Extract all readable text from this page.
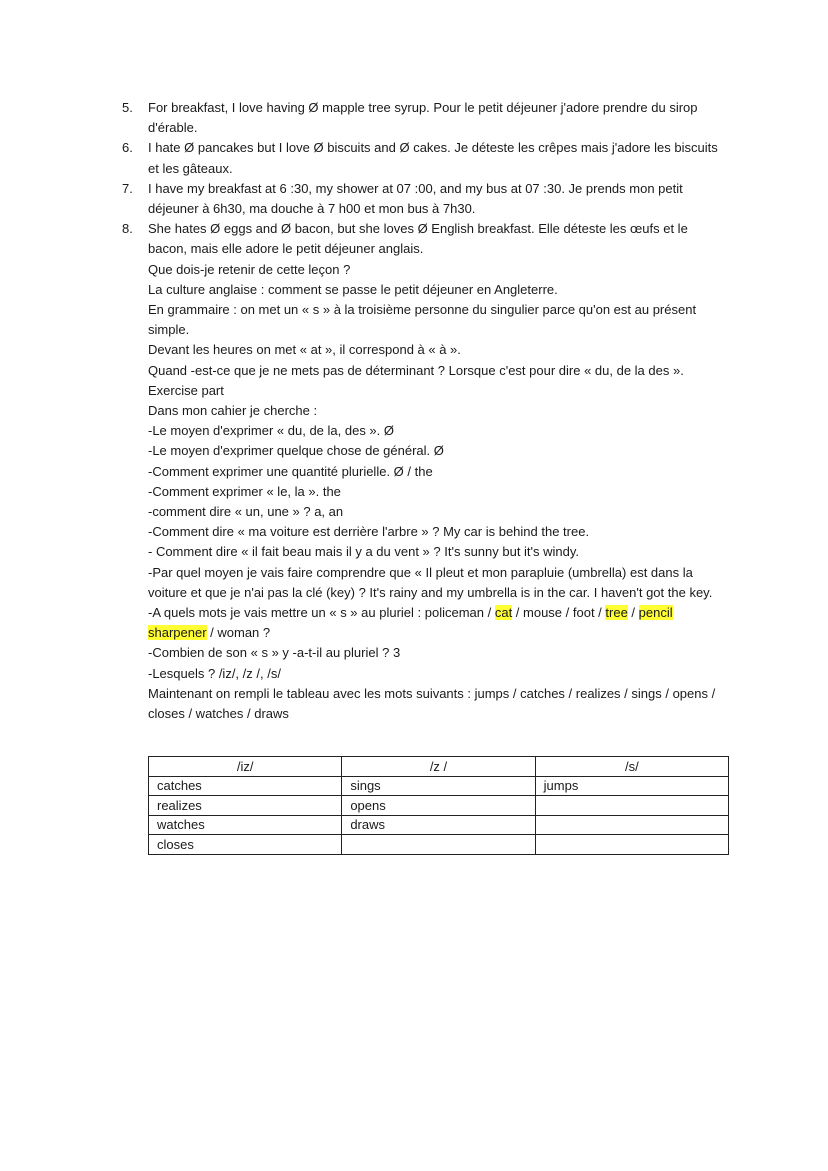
5. For breakfast, I love having Ø mapple tree syrup. Pour le petit déjeuner j'adore prendre du sirop d'érable.
6. I hate Ø pancakes but I love Ø biscuits and Ø cakes. Je déteste les crêpes mais j'adore les biscuits et les gâteaux.
7. I have my breakfast at 6 :30, my shower at 07 :00, and my bus at 07 :30. Je prends mon petit déjeuner à 6h30, ma douche à 7 h00 et mon bus à 7h30.
8. She hates Ø eggs and Ø bacon, but she loves Ø English breakfast. Elle déteste les œufs et le bacon, mais elle adore le petit déjeuner anglais.
Que dois-je retenir de cette leçon ?
La culture anglaise : comment se passe le petit déjeuner en Angleterre.
En grammaire : on met un « s » à la troisième personne du singulier parce qu'on est au présent simple.
Devant les heures on met « at », il correspond à « à ».
Quand -est-ce que je ne mets pas de déterminant ? Lorsque c'est pour dire « du, de la des ».
Exercise part
Dans mon cahier je cherche :
-Le moyen d'exprimer « du, de la, des ». Ø
-Le moyen d'exprimer quelque chose de général. Ø
-Comment exprimer une quantité plurielle. Ø / the
-Comment exprimer « le, la ». the
-comment dire « un, une » ? a, an
-Comment dire « ma voiture est derrière l'arbre » ? My car is behind the tree.
- Comment dire « il fait beau mais il y a du vent » ? It's sunny but it's windy.
-Par quel moyen je vais faire comprendre que « Il pleut et mon parapluie (umbrella) est dans la voiture et que je n'ai pas la clé (key) ? It's rainy and my umbrella is in the car. I haven't got the key.
-A quels mots je vais mettre un « s » au pluriel : policeman / cat / mouse / foot / tree / pencil sharpener / woman ?
-Combien de son « s » y -a-t-il au pluriel ? 3
-Lesquels ? /iz/, /z /, /s/
Maintenant on rempli le tableau avec les mots suivants : jumps / catches / realizes / sings / opens / closes / watches / draws
/iz/	/z /	/s/
catches	sings	jumps
realizes	opens	
watches	draws	
closes		
